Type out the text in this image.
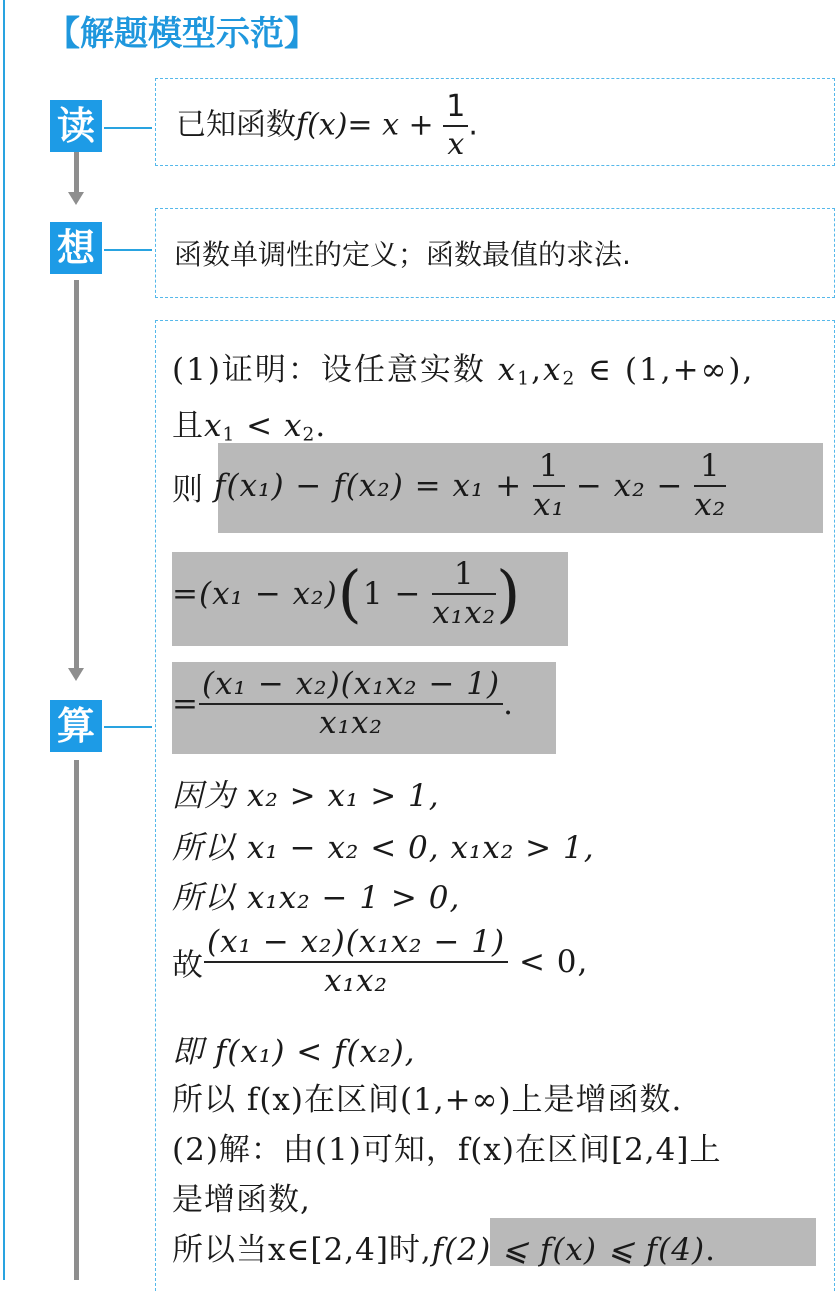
【解题模型示范】
读	已知函数$f(x)= x + \frac{1}{x}$ .
想	函数单调性的定义；函数最值的求法.
算
(1)证明：设任意实数 $x_1,x_2$ ∈ (1,+∞),
且$x_1 < x_2$.
则 $f(x_1) - f(x_2) = x_1 + \frac{1}{\text{x₁}} - x_2 - \frac{1}{\text{x₂}}$
$=(x_1 - x_2)(1 - \frac{1}{\text{x₁x₂}}$ )
= $\frac{\text{(x₁ − x₂)(x₁x₂ − 1)}}{\text{x₁x₂}}$ .
因为 x₂ > x₁ > 1,
所以 x₁ − x₂ < 0, x₁x₂ > 1,
所以 x₁x₂ − 1 > 0,
故 $\frac{\text{(x₁ − x₂)(x₁x₂ − 1)}}{\text{x₁x₂}} < 0$,
即 f(x₁) < f(x₂),
所以 f(x)在区间(1,+∞)上是增函数.
(2)解：由(1)可知，f(x)在区间[2,4]上
是增函数,
所以当x∈[2,4]时,f(2) ⩽ f(x) ⩽ f(4).
